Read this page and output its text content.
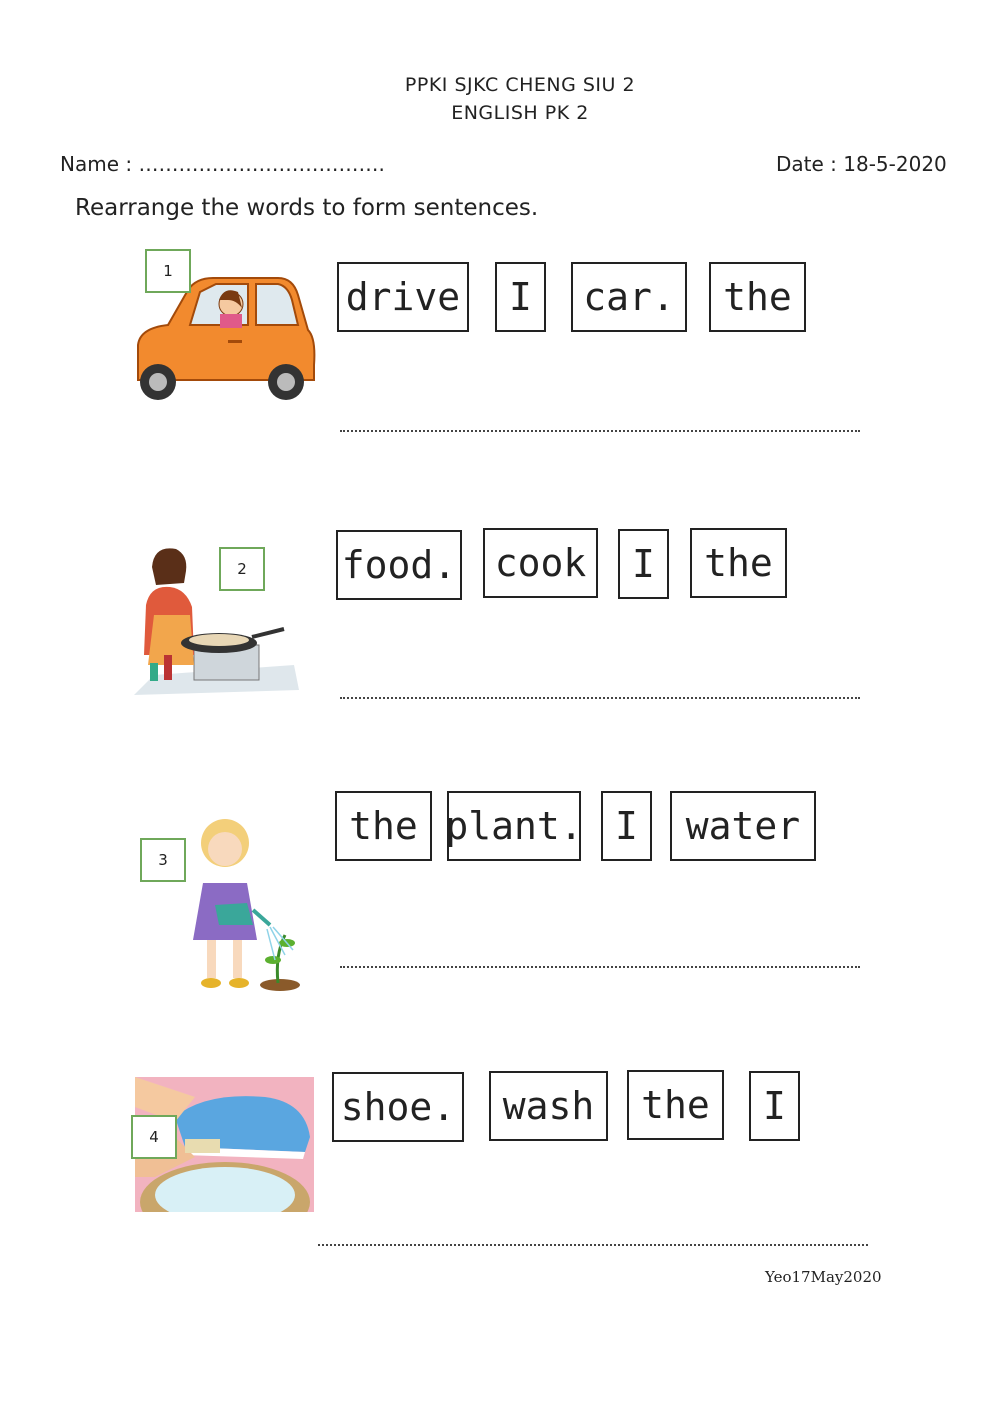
PPKI SJKC CHENG SIU 2
ENGLISH PK 2
Name : ……………………………….	Date : 18-5-2020
Rearrange the words to form sentences.
1
drive	I	car.	the
2	food.	cook	I	the
3
the plant. I	water
4
shoe.	wash	the	I
Yeo17May2020
